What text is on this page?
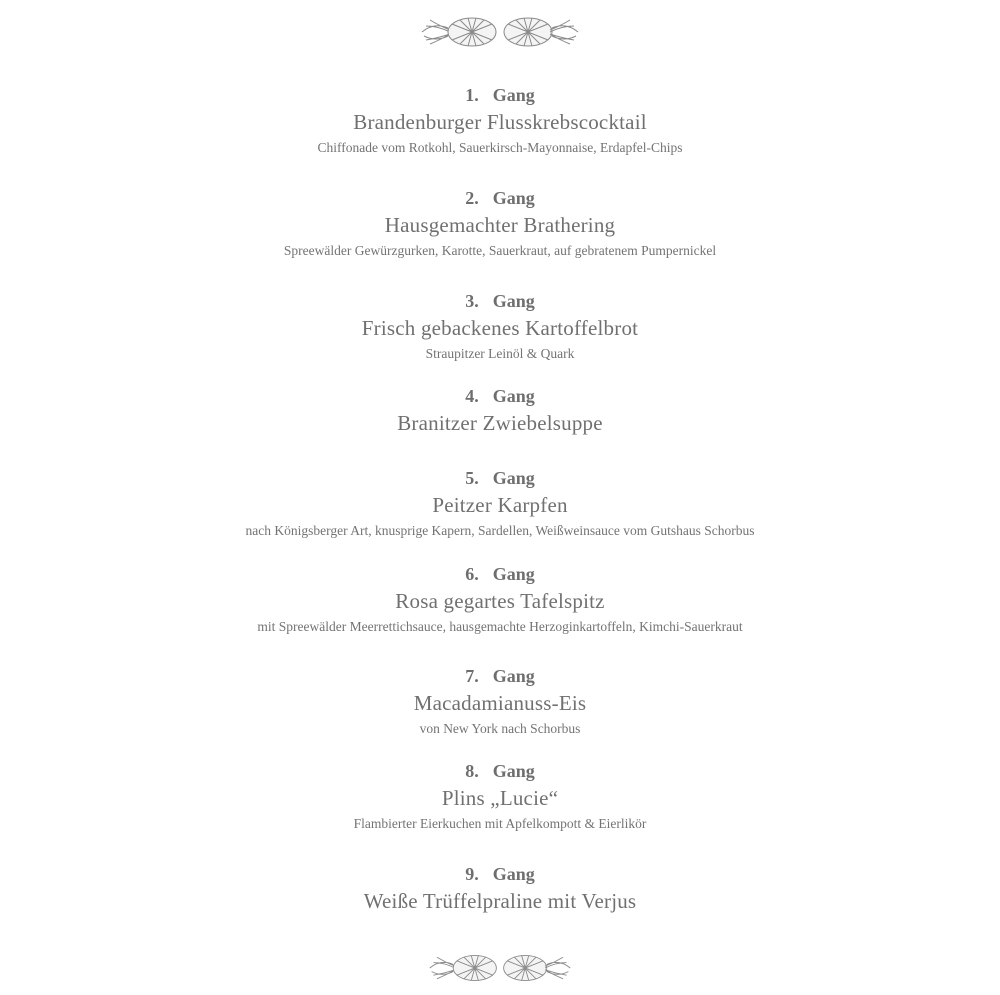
1. Gang
Brandenburger Flusskrebscocktail
Chiffonade vom Rotkohl, Sauerkirsch-Mayonnaise, Erdapfel-Chips
2. Gang
Hausgemachter Brathering
Spreewälder Gewürzgurken, Karotte, Sauerkraut, auf gebratenem Pumpernickel
3. Gang
Frisch gebackenes Kartoffelbrot
Straupitzer Leinöl & Quark
4. Gang
Branitzer Zwiebelsuppe
5. Gang
Peitzer Karpfen
nach Königsberger Art, knusprige Kapern, Sardellen, Weißweinsauce vom Gutshaus Schorbus
6. Gang
Rosa gegartes Tafelspitz
mit Spreewälder Meerrettichsauce, hausgemachte Herzoginkartoffeln, Kimchi-Sauerkraut
7. Gang
Macadamianuss-Eis
von New York nach Schorbus
8. Gang
Plins „Lucie“
Flambierter Eierkuchen mit Apfelkompott & Eierlikör
9. Gang
Weiße Trüffelpraline mit Verjus
